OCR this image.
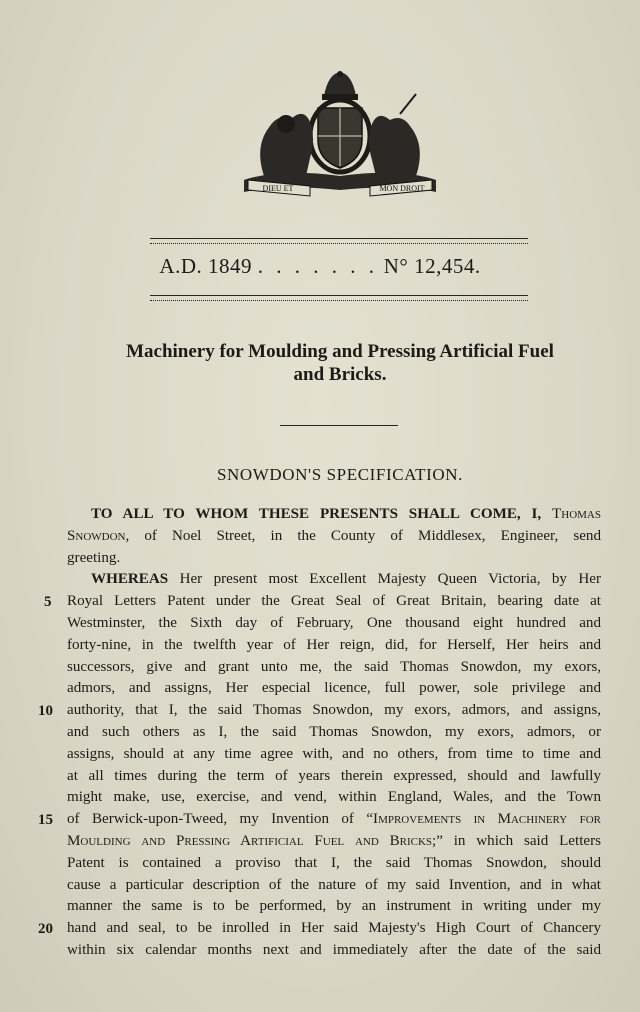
DIEU ET	MON DROIT
A.D. 1849 . . . . . . . N° 12,454.
Machinery for Moulding and Pressing Artificial Fuel
and Bricks.
SNOWDON'S SPECIFICATION.
TO ALL TO WHOM THESE PRESENTS SHALL COME, I, Thomas
Snowdon, of Noel Street, in the County of Middlesex, Engineer, send
greeting.
WHEREAS Her present most Excellent Majesty Queen Victoria, by Her
Royal Letters Patent under the Great Seal of Great Britain, bearing date at
Westminster, the Sixth day of February, One thousand eight hundred and
forty-nine, in the twelfth year of Her reign, did, for Herself, Her heirs and
successors, give and grant unto me, the said Thomas Snowdon, my exors,
admors, and assigns, Her especial licence, full power, sole privilege and
authority, that I, the said Thomas Snowdon, my exors, admors, and assigns,
and such others as I, the said Thomas Snowdon, my exors, admors, or
assigns, should at any time agree with, and no others, from time to time and
at all times during the term of years therein expressed, should and lawfully
might make, use, exercise, and vend, within England, Wales, and the Town
of Berwick-upon-Tweed, my Invention of “Improvements in Machinery for
Moulding and Pressing Artificial Fuel and Bricks;” in which said Letters
Patent is contained a proviso that I, the said Thomas Snowdon, should
cause a particular description of the nature of my said Invention, and in what
manner the same is to be performed, by an instrument in writing under my
hand and seal, to be inrolled in Her said Majesty's High Court of Chancery
within six calendar months next and immediately after the date of the said
5
10
15
20
